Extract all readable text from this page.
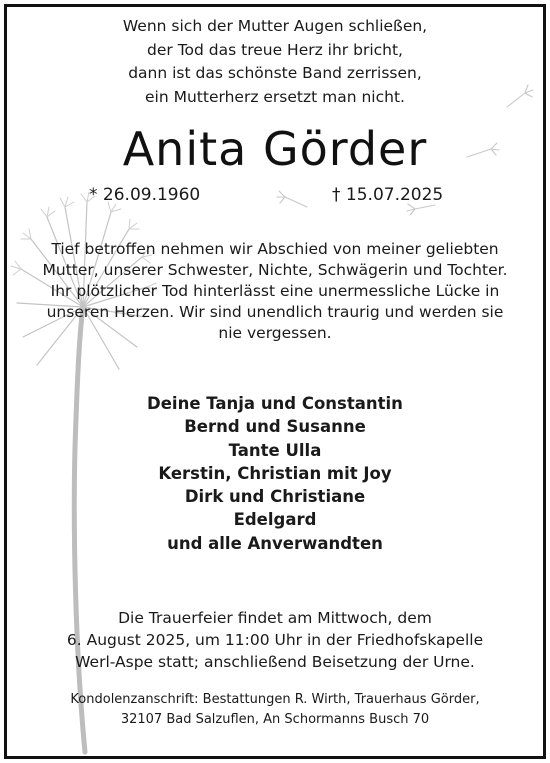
Wenn sich der Mutter Augen schließen,
der Tod das treue Herz ihr bricht,
dann ist das schönste Band zerrissen,
ein Mutterherz ersetzt man nicht.
Anita Görder
* 26.09.1960	† 15.07.2025
Tief betroffen nehmen wir Abschied von meiner geliebten
Mutter, unserer Schwester, Nichte, Schwägerin und Tochter.
Ihr plötzlicher Tod hinterlässt eine unermessliche Lücke in
unseren Herzen. Wir sind unendlich traurig und werden sie
nie vergessen.
Deine Tanja und Constantin
Bernd und Susanne
Tante Ulla
Kerstin, Christian mit Joy
Dirk und Christiane
Edelgard
und alle Anverwandten
Die Trauerfeier findet am Mittwoch, dem
6. August 2025, um 11:00 Uhr in der Friedhofskapelle
Werl-Aspe statt; anschließend Beisetzung der Urne.
Kondolenzanschrift: Bestattungen R. Wirth, Trauerhaus Görder,
32107 Bad Salzuflen, An Schormanns Busch 70
